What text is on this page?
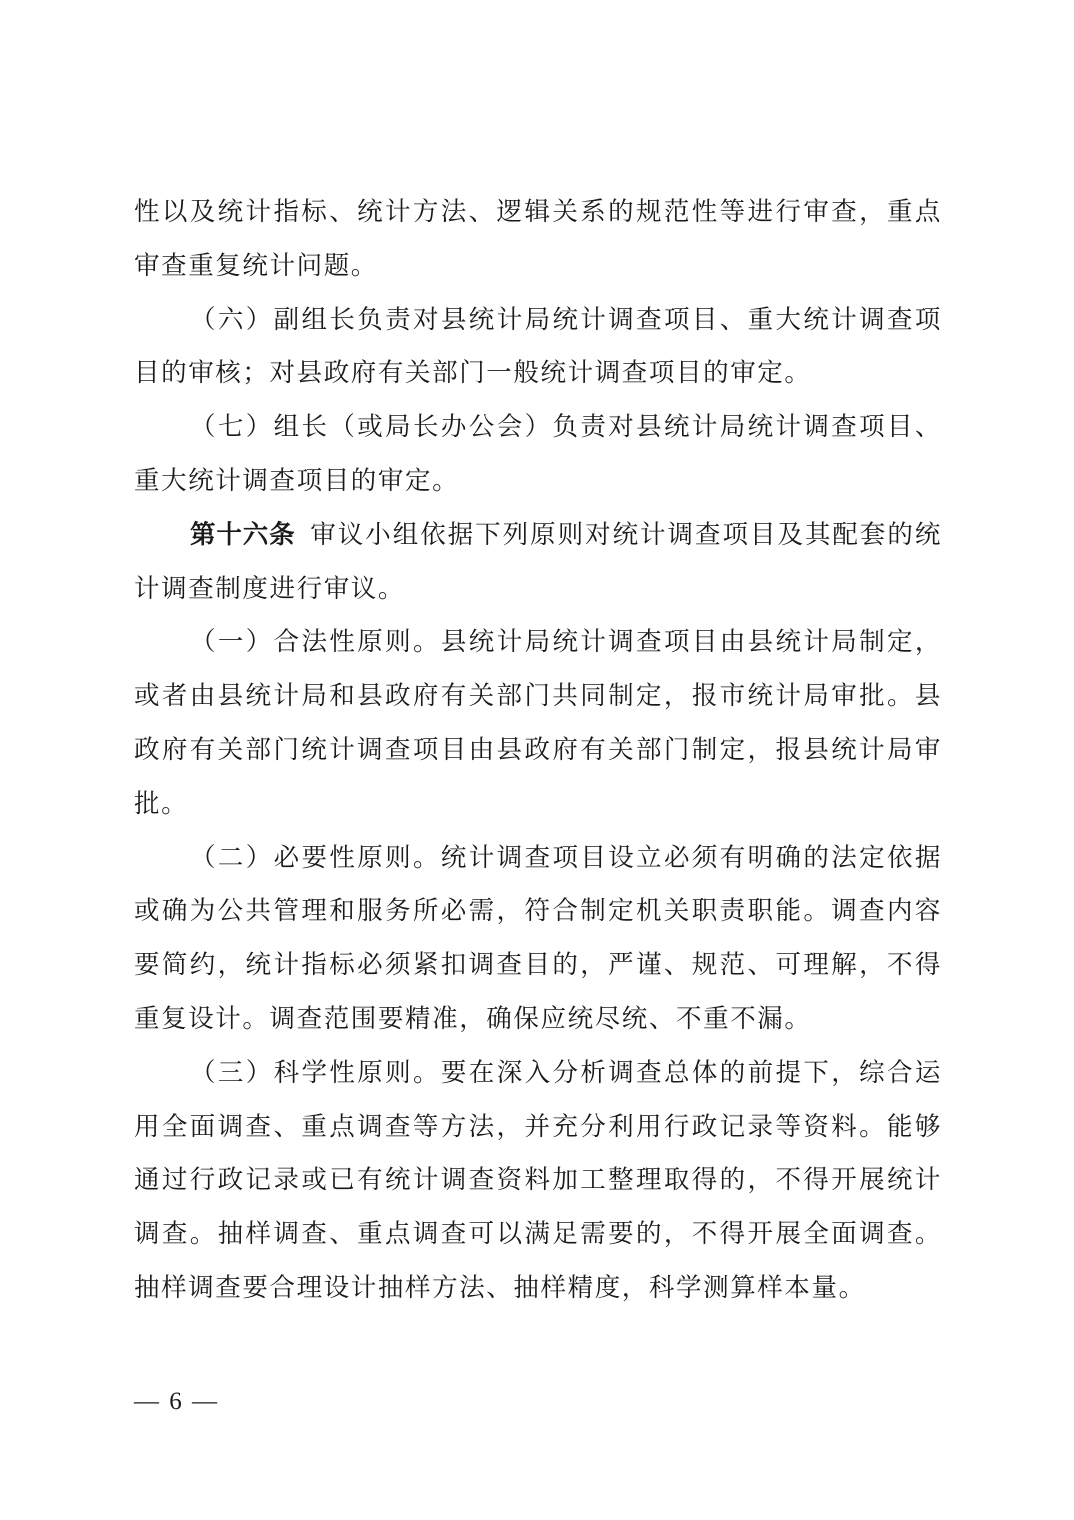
性以及统计指标、统计方法、逻辑关系的规范性等进行审查，重点审查重复统计问题。

（六）副组长负责对县统计局统计调查项目、重大统计调查项目的审核；对县政府有关部门一般统计调查项目的审定。

（七）组长（或局长办公会）负责对县统计局统计调查项目、重大统计调查项目的审定。

第十六条  审议小组依据下列原则对统计调查项目及其配套的统计调查制度进行审议。

（一）合法性原则。县统计局统计调查项目由县统计局制定，或者由县统计局和县政府有关部门共同制定，报市统计局审批。县政府有关部门统计调查项目由县政府有关部门制定，报县统计局审批。

（二）必要性原则。统计调查项目设立必须有明确的法定依据或确为公共管理和服务所必需，符合制定机关职责职能。调查内容要简约，统计指标必须紧扣调查目的，严谨、规范、可理解，不得重复设计。调查范围要精准，确保应统尽统、不重不漏。

（三）科学性原则。要在深入分析调查总体的前提下，综合运用全面调查、重点调查等方法，并充分利用行政记录等资料。能够通过行政记录或已有统计调查资料加工整理取得的，不得开展统计调查。抽样调查、重点调查可以满足需要的，不得开展全面调查。抽样调查要合理设计抽样方法、抽样精度，科学测算样本量。

— 6 —
